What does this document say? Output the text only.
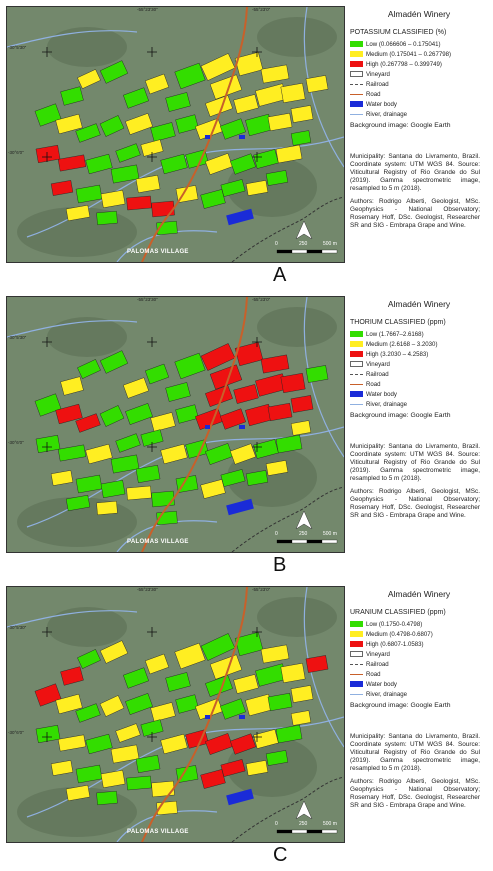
-55°23'30"	-55°23'0"
-30°5'30"
-30°6'0"
PALOMAS VILLAGE
0	250	500 m
A
Almadén Winery
POTASSIUM CLASSIFIED (%)
Low (0.066606 – 0.175041)
Medium (0.175041 – 0.267798)
High (0.267798 – 0.399749)
Vineyard
Railroad
Road
Water body
River, drainage
Background image: Google Earth

Municipality: Santana do Livramento, Brazil. Coordinate system: UTM WGS 84. Source: Viticultural Registry of Rio Grande do Sul (2019). Gamma spectrometric image, resampled to 5 m (2018).

Authors: Rodrigo Alberti, Geologist, MSc. Geophysics - National Observatory; Rosemary Hoff, DSc. Geologist, Researcher SR and SIG - Embrapa Grape and Wine.

-55°23'30"	-55°23'0"
-30°5'30"
-30°6'0"
PALOMAS VILLAGE
0	250	500 m
B
Almadén Winery
THORIUM CLASSIFIED (ppm)
Low (1.7667–2.6168)
Medium (2.6168 – 3.2030)
High (3.2030 – 4.2583)
Vineyard
Railroad
Road
Water body
River, drainage
Background image: Google Earth

Municipality: Santana do Livramento, Brazil. Coordinate system: UTM WGS 84. Source: Viticultural Registry of Rio Grande do Sul (2019). Gamma spectrometric image, resampled to 5 m (2018).

Authors: Rodrigo Alberti, Geologist, MSc. Geophysics - National Observatory; Rosemary Hoff, DSc. Geologist, Researcher SR and SIG - Embrapa Grape and Wine.

-55°23'30"	-55°23'0"
-30°5'30"
-30°6'0"
PALOMAS VILLAGE
0	250	500 m
C
Almadén Winery
URANIUM CLASSIFIED (ppm)
Low (0.1750-0.4798)
Medium (0.4798-0.6807)
High (0.6807-1.0583)
Vineyard
Railroad
Road
Water body
River, drainage
Background image: Google Earth

Municipality: Santana do Livramento, Brazil. Coordinate system: UTM WGS 84. Source: Viticultural Registry of Rio Grande do Sul (2019). Gamma spectrometric image, resampled to 5 m (2018).

Authors: Rodrigo Alberti, Geologist, MSc. Geophysics - National Observatory; Rosemary Hoff, DSc. Geologist, Researcher SR and SIG - Embrapa Grape and Wine.
